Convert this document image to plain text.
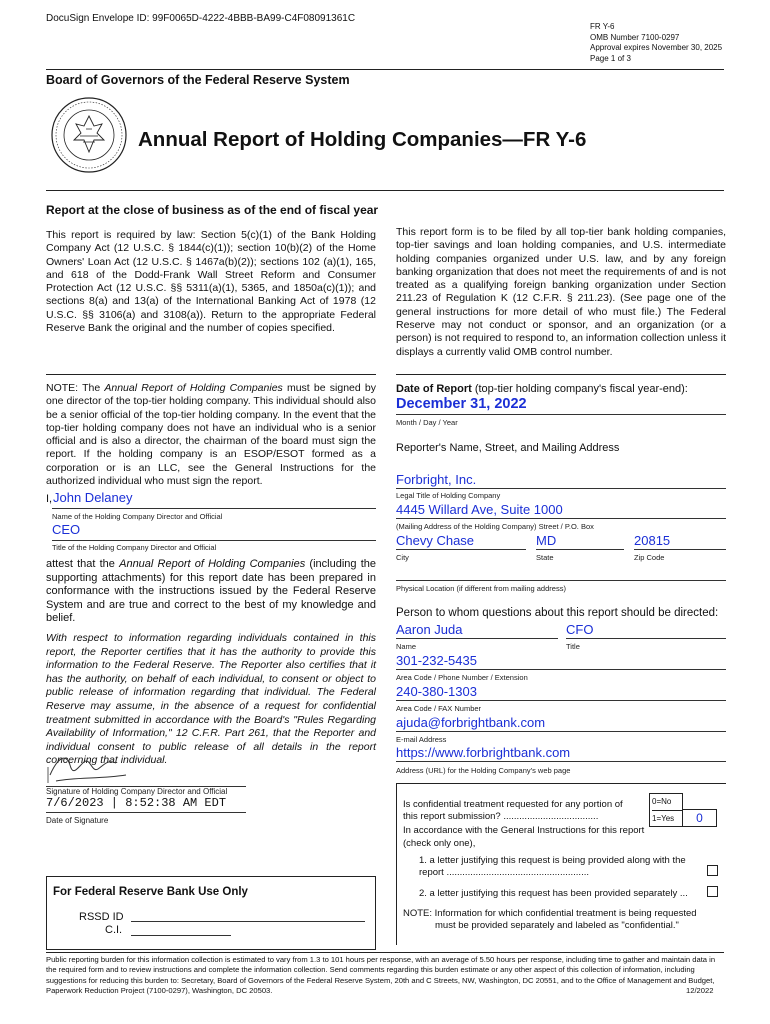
DocuSign Envelope ID: 99F0065D-4222-4BBB-BA99-C4F08091361C
FR Y-6
OMB Number 7100-0297
Approval expires November 30, 2025
Page 1 of 3
Board of Governors of the Federal Reserve System
Annual Report of Holding Companies—FR Y-6
Report at the close of business as of the end of fiscal year
This report is required by law: Section 5(c)(1) of the Bank Holding Company Act (12 U.S.C. § 1844(c)(1)); section 10(b)(2) of the Home Owners' Loan Act (12 U.S.C. § 1467a(b)(2)); sections 102 (a)(1), 165, and 618 of the Dodd-Frank Wall Street Reform and Consumer Protection Act (12 U.S.C. §§ 5311(a)(1), 5365, and 1850a(c)(1)); and sections 8(a) and 13(a) of the International Banking Act of 1978 (12 U.S.C. §§ 3106(a) and 3108(a)). Return to the appropriate Federal Reserve Bank the original and the number of copies specified.
This report form is to be filed by all top-tier bank holding companies, top-tier savings and loan holding companies, and U.S. intermediate holding companies organized under U.S. law, and by any foreign banking organization that does not meet the requirements of and is not treated as a qualifying foreign banking organization under Section 211.23 of Regulation K (12 C.F.R. § 211.23). (See page one of the general instructions for more detail of who must file.) The Federal Reserve may not conduct or sponsor, and an organization (or a person) is not required to respond to, an information collection unless it displays a currently valid OMB control number.
NOTE: The Annual Report of Holding Companies must be signed by one director of the top-tier holding company. This individual should also be a senior official of the top-tier holding company. In the event that the top-tier holding company does not have an individual who is a senior official and is also a director, the chairman of the board must sign the report. If the holding company is an ESOP/ESOT formed as a corporation or is an LLC, see the General Instructions for the authorized individual who must sign the report.
I, John Delaney
Name of the Holding Company Director and Official
CEO
Title of the Holding Company Director and Official
attest that the Annual Report of Holding Companies (including the supporting attachments) for this report date has been prepared in conformance with the instructions issued by the Federal Reserve System and are true and correct to the best of my knowledge and belief.
With respect to information regarding individuals contained in this report, the Reporter certifies that it has the authority to provide this information to the Federal Reserve. The Reporter also certifies that it has the authority, on behalf of each individual, to consent or object to public release of information regarding that individual. The Federal Reserve may assume, in the absence of a request for confidential treatment submitted in accordance with the Board's "Rules Regarding Availability of Information," 12 C.F.R. Part 261, that the Reporter and individual consent to public release of all details in the report concerning that individual.
Signature of Holding Company Director and Official
7/6/2023 | 8:52:38 AM EDT
Date of Signature
For Federal Reserve Bank Use Only
RSSD ID
C.I.
Date of Report (top-tier holding company's fiscal year-end):
December 31, 2022
Month / Day / Year
Reporter's Name, Street, and Mailing Address
Forbright, Inc.
Legal Title of Holding Company
4445 Willard Ave, Suite 1000
(Mailing Address of the Holding Company) Street / P.O. Box
Chevy Chase	MD	20815
City	State	Zip Code
Physical Location (if different from mailing address)
Person to whom questions about this report should be directed:
Aaron Juda	CFO
Name	Title
301-232-5435
Area Code / Phone Number / Extension
240-380-1303
Area Code / FAX Number
ajuda@forbrightbank.com
E-mail Address
https://www.forbrightbank.com
Address (URL) for the Holding Company's web page
Is confidential treatment requested for any portion of this report submission? ....................................
0=No
1=Yes	0
In accordance with the General Instructions for this report (check only one),
1. a letter justifying this request is being provided along with the report ......................................................
2. a letter justifying this request has been provided separately ...
NOTE: Information for which confidential treatment is being requested must be provided separately and labeled as "confidential."
Public reporting burden for this information collection is estimated to vary from 1.3 to 101 hours per response, with an average of 5.50 hours per response, including time to gather and maintain data in the required form and to review instructions and complete the information collection. Send comments regarding this burden estimate or any other aspect of this collection of information, including suggestions for reducing this burden to: Secretary, Board of Governors of the Federal Reserve System, 20th and C Streets, NW, Washington, DC 20551, and to the Office of Management and Budget, Paperwork Reduction Project (7100-0297), Washington, DC 20503.	12/2022
